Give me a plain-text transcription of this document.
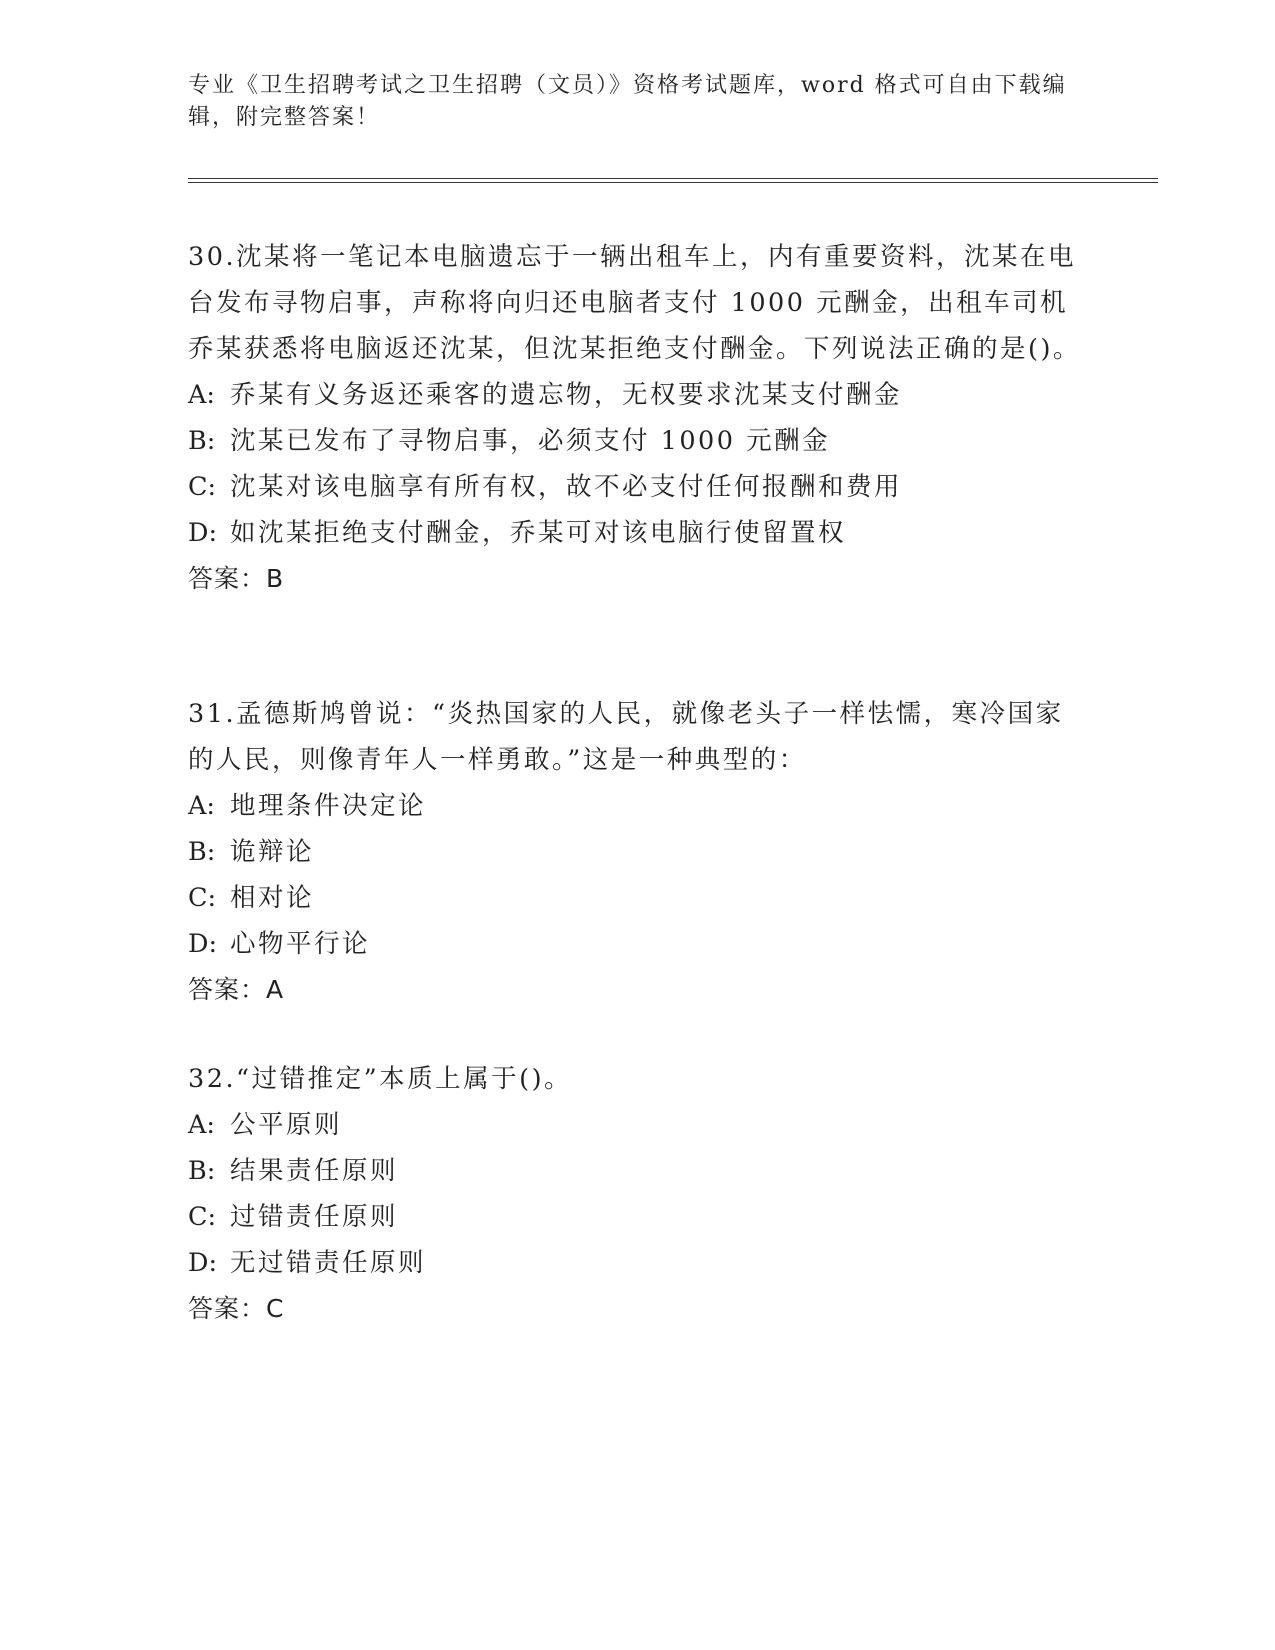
专业《卫生招聘考试之卫生招聘（文员）》资格考试题库，word 格式可自由下载编辑，附完整答案！

30.沈某将一笔记本电脑遗忘于一辆出租车上，内有重要资料，沈某在电台发布寻物启事，声称将向归还电脑者支付 1000 元酬金，出租车司机乔某获悉将电脑返还沈某，但沈某拒绝支付酬金。下列说法正确的是()。

A: 乔某有义务返还乘客的遗忘物，无权要求沈某支付酬金

B: 沈某已发布了寻物启事，必须支付 1000 元酬金

C: 沈某对该电脑享有所有权，故不必支付任何报酬和费用

D: 如沈某拒绝支付酬金，乔某可对该电脑行使留置权

答案：B

31.孟德斯鸠曾说：“炎热国家的人民，就像老头子一样怯懦，寒冷国家的人民，则像青年人一样勇敢。”这是一种典型的：

A: 地理条件决定论

B: 诡辩论

C: 相对论

D: 心物平行论

答案：A

32.“过错推定”本质上属于()。

A: 公平原则

B: 结果责任原则

C: 过错责任原则

D: 无过错责任原则

答案：C
